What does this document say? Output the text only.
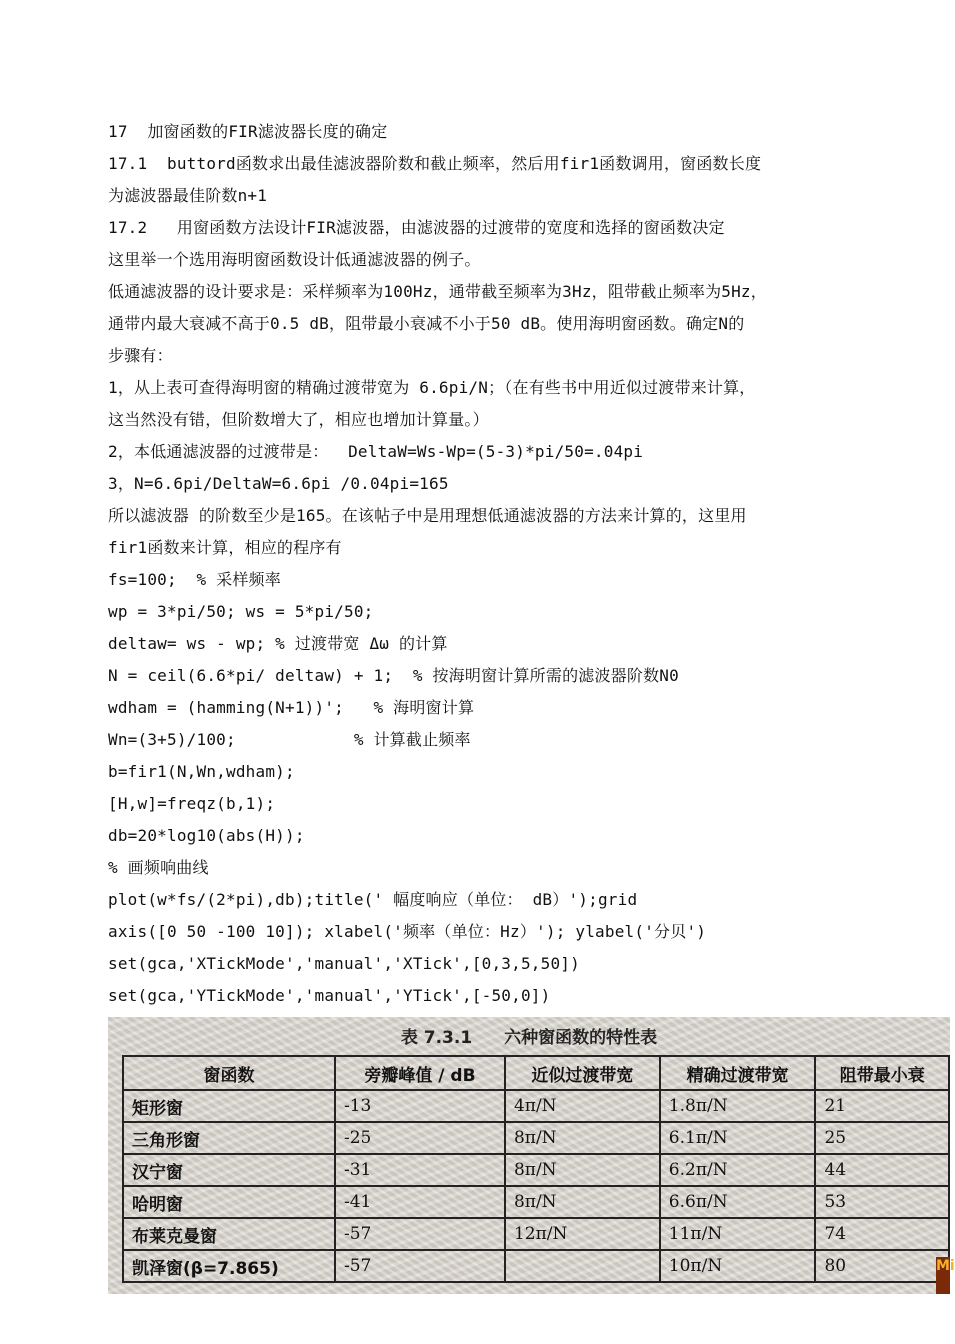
17  加窗函数的FIR滤波器长度的确定
17.1  buttord函数求出最佳滤波器阶数和截止频率，然后用fir1函数调用，窗函数长度
为滤波器最佳阶数n+1
17.2   用窗函数方法设计FIR滤波器，由滤波器的过渡带的宽度和选择的窗函数决定
这里举一个选用海明窗函数设计低通滤波器的例子。
低通滤波器的设计要求是：采样频率为100Hz，通带截至频率为3Hz，阻带截止频率为5Hz，
通带内最大衰减不高于0.5 dB，阻带最小衰减不小于50 dB。使用海明窗函数。确定N的
步骤有：
1，从上表可查得海明窗的精确过渡带宽为 6.6pi/N；（在有些书中用近似过渡带来计算，
这当然没有错，但阶数增大了，相应也增加计算量。）
2，本低通滤波器的过渡带是：  DeltaW=Ws-Wp=(5-3)*pi/50=.04pi
3，N=6.6pi/DeltaW=6.6pi /0.04pi=165
所以滤波器 的阶数至少是165。在该帖子中是用理想低通滤波器的方法来计算的，这里用
fir1函数来计算，相应的程序有
fs=100;  % 采样频率
wp = 3*pi/50; ws = 5*pi/50;
deltaw= ws - wp; % 过渡带宽 Δω 的计算
N = ceil(6.6*pi/ deltaw) + 1;  % 按海明窗计算所需的滤波器阶数N0
wdham = (hamming(N+1))';   % 海明窗计算
Wn=(3+5)/100;            % 计算截止频率
b=fir1(N,Wn,wdham);
[H,w]=freqz(b,1);
db=20*log10(abs(H));
% 画频响曲线
plot(w*fs/(2*pi),db);title(' 幅度响应（单位： dB）');grid
axis([0 50 -100 10]); xlabel('频率（单位：Hz）'); ylabel('分贝')
set(gca,'XTickMode','manual','XTick',[0,3,5,50])
set(gca,'YTickMode','manual','YTick',[-50,0])
表 7.3.1 六种窗函数的特性表
窗函数	旁瓣峰值 / dB	近似过渡带宽	精确过渡带宽	阻带最小衰
矩形窗	-13	4π/N	1.8π/N	21
三角形窗	-25	8π/N	6.1π/N	25
汉宁窗	-31	8π/N	6.2π/N	44
哈明窗	-41	8π/N	6.6π/N	53
布莱克曼窗	-57	12π/N	11π/N	74
凯泽窗(β=7.865)	-57		10π/N	80	Mi
